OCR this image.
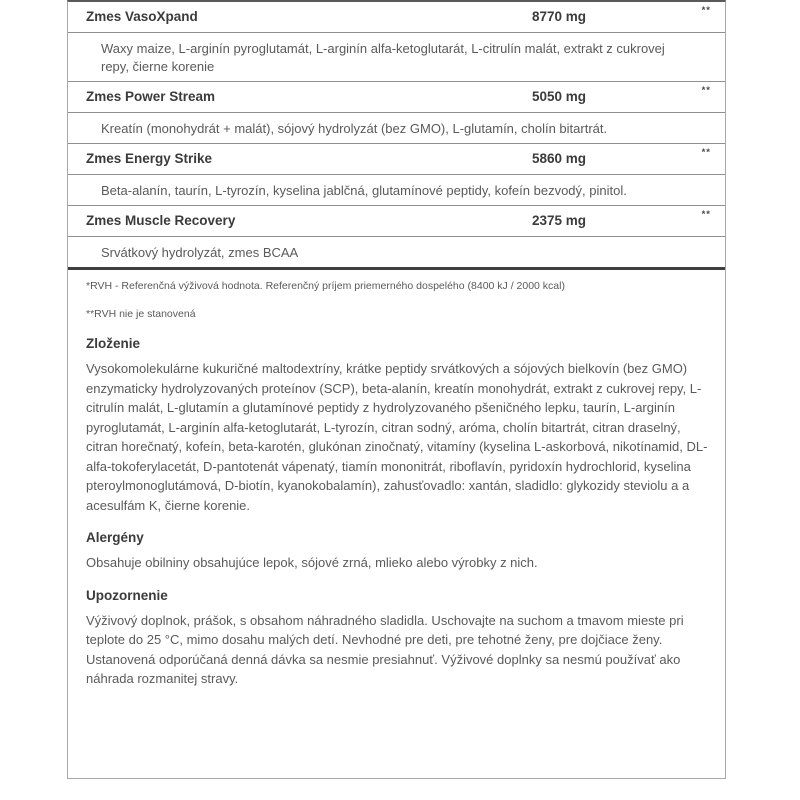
Zmes VasoXpand	8770 mg	**
Waxy maize, L-arginín pyroglutamát, L-arginín alfa-ketoglutarát, L-citrulín malát, extrakt z cukrovej repy, čierne korenie
Zmes Power Stream	5050 mg	**
Kreatín (monohydrát + malát), sójový hydrolyzát (bez GMO), L-glutamín, cholín bitartrát.
Zmes Energy Strike	5860 mg	**
Beta-alanín, taurín, L-tyrozín, kyselina jablčná, glutamínové peptidy, kofeín bezvodý, pinitol.
Zmes Muscle Recovery	2375 mg	**
Srvátkový hydrolyzát, zmes BCAA
*RVH - Referenčná výživová hodnota. Referenčný príjem priemerného dospelého (8400 kJ / 2000 kcal)
**RVH nie je stanovená
Zloženie
Vysokomolekulárne kukuričné maltodextríny, krátke peptidy srvátkových a sójových bielkovín (bez GMO) enzymaticky hydrolyzovaných proteínov (SCP), beta-alanín, kreatín monohydrát, extrakt z cukrovej repy, L-citrulín malát, L-glutamín a glutamínové peptidy z hydrolyzovaného pšeničného lepku, taurín, L-arginín pyroglutamát, L-arginín alfa-ketoglutarát, L-tyrozín, citran sodný, aróma, cholín bitartrát, citran draselný, citran horečnatý, kofeín, beta-karotén, glukónan zinočnatý, vitamíny (kyselina L-askorbová, nikotínamid, DL-alfa-tokoferylacetát, D-pantotenát vápenatý, tiamín mononitrát, riboflavín, pyridoxín hydrochlorid, kyselina pteroylmonoglutámová, D-biotín, kyanokobalamín), zahusťovadlo: xantán, sladidlo: glykozidy steviolu a a acesulfám K, čierne korenie.
Alergény
Obsahuje obilniny obsahujúce lepok, sójové zrná, mlieko alebo výrobky z nich.
Upozornenie
Výživový doplnok, prášok, s obsahom náhradného sladidla. Uschovajte na suchom a tmavom mieste pri teplote do 25 °C, mimo dosahu malých detí. Nevhodné pre deti, pre tehotné ženy, pre dojčiace ženy. Ustanovená odporúčaná denná dávka sa nesmie presiahnuť. Výživové doplnky sa nesmú používať ako náhrada rozmanitej stravy.
